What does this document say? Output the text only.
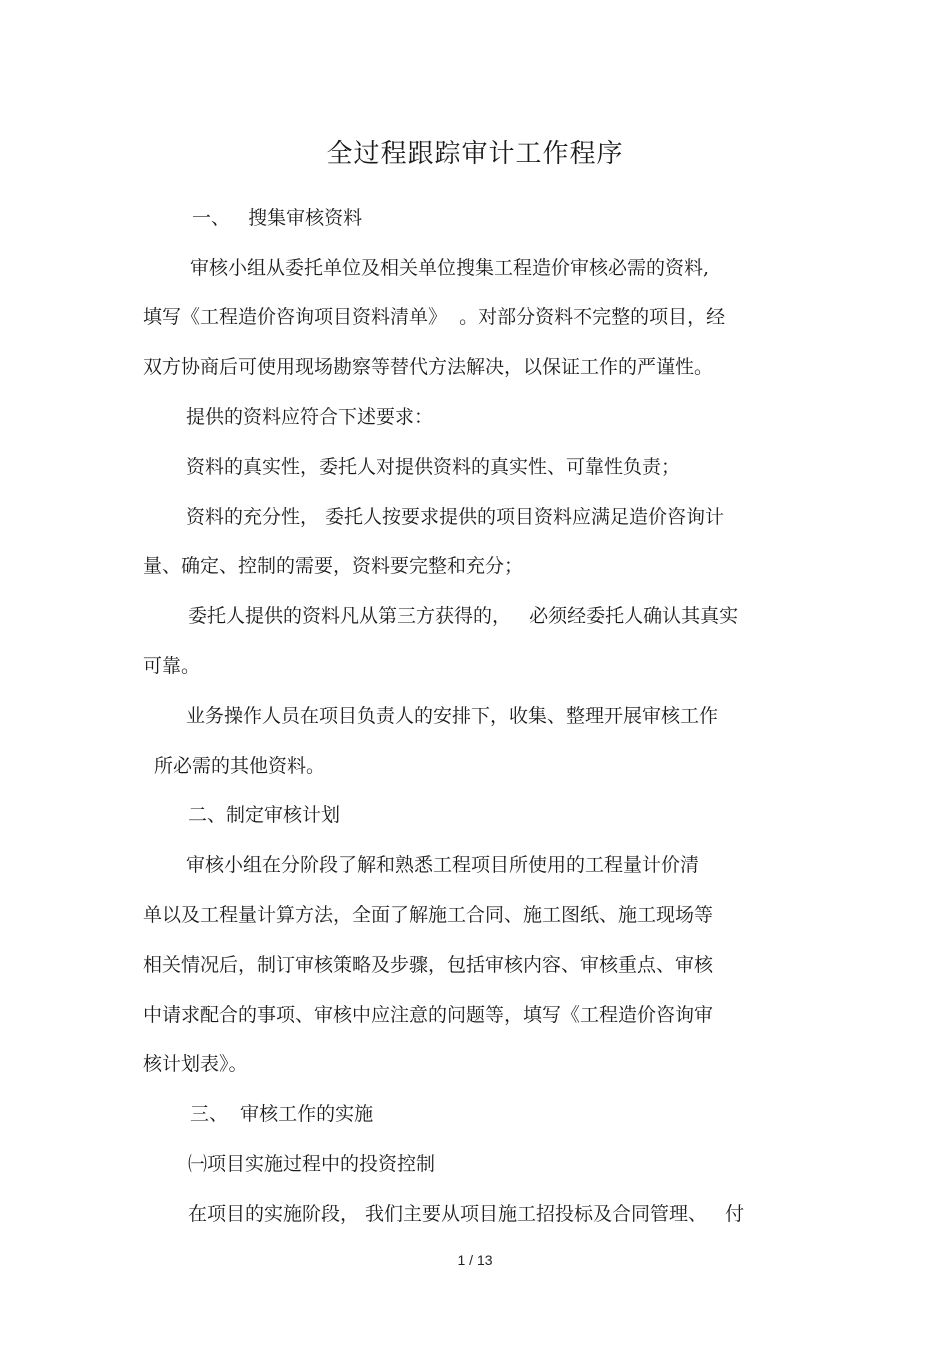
全过程跟踪审计工作程序

一、   搜集审核资料

审核小组从委托单位及相关单位搜集工程造价审核必需的资料,

填写《工程造价咨询项目资料清单》  。对部分资料不完整的项目，经

双方协商后可使用现场勘察等替代方法解决，以保证工作的严谨性。

提供的资料应符合下述要求：

资料的真实性，委托人对提供资料的真实性、可靠性负责；

资料的充分性， 委托人按要求提供的项目资料应满足造价咨询计

量、确定、控制的需要，资料要完整和充分；

委托人提供的资料凡从第三方获得的，   必须经委托人确认其真实

可靠。

业务操作人员在项目负责人的安排下，收集、整理开展审核工作

所必需的其他资料。

二、制定审核计划

审核小组在分阶段了解和熟悉工程项目所使用的工程量计价清

单以及工程量计算方法，全面了解施工合同、施工图纸、施工现场等

相关情况后，制订审核策略及步骤，包括审核内容、审核重点、审核

中请求配合的事项、审核中应注意的问题等，填写《工程造价咨询审

核计划表》。

三、  审核工作的实施

㈠项目实施过程中的投资控制

在项目的实施阶段， 我们主要从项目施工招投标及合同管理、   付

1 / 13
